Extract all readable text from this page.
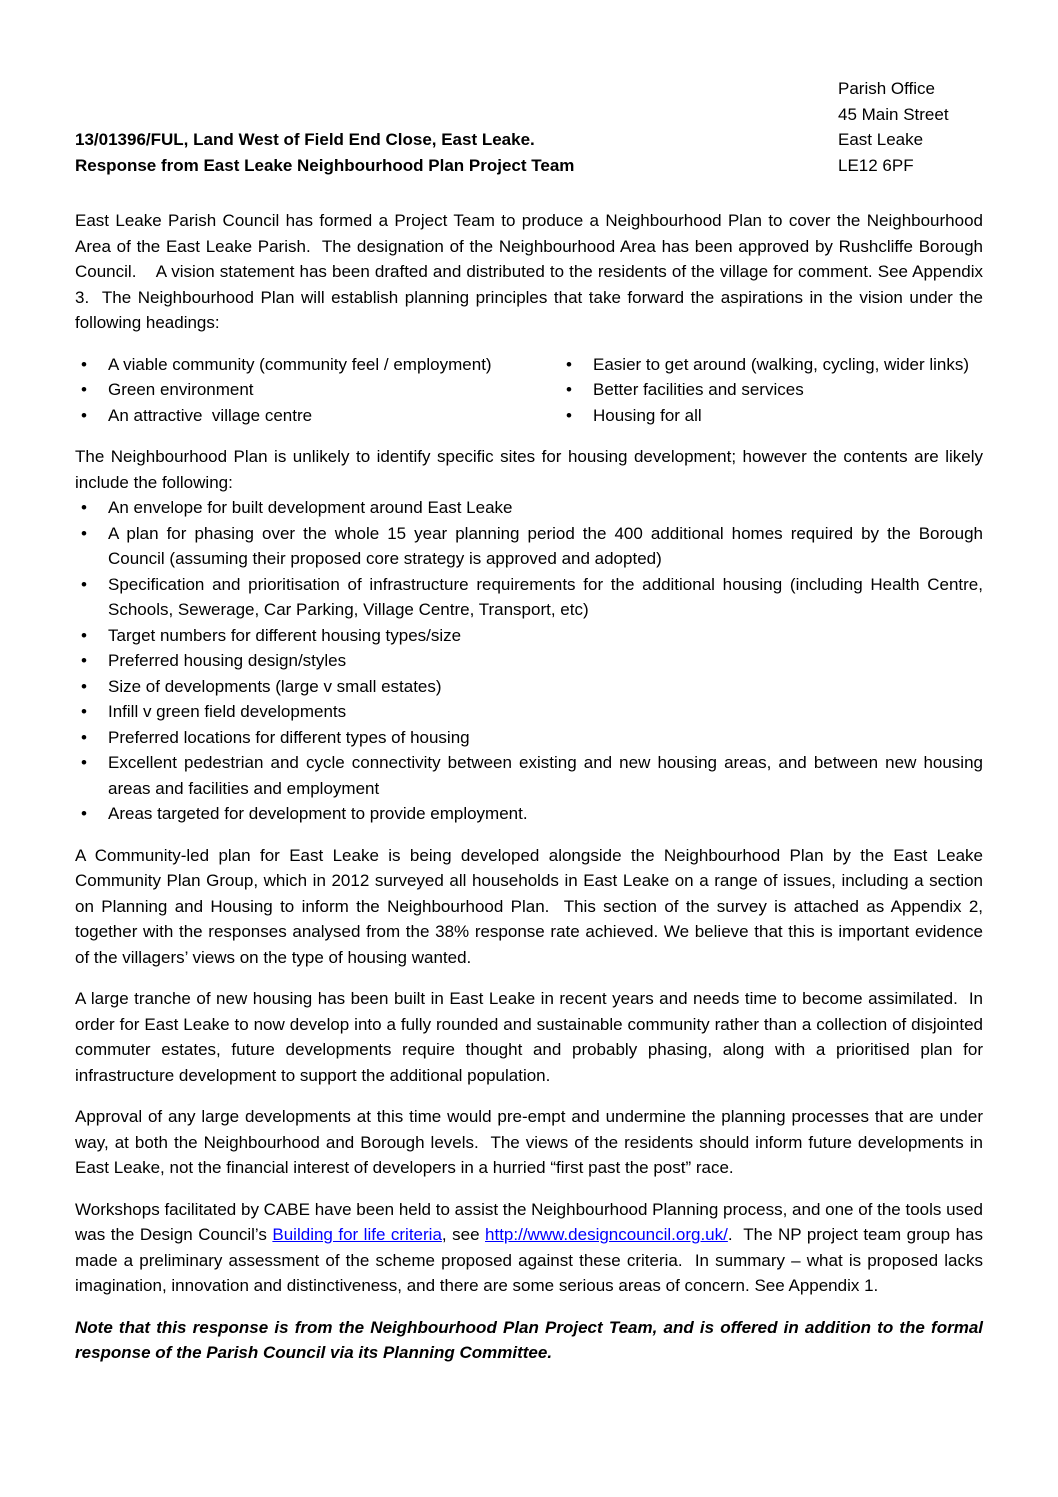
13/01396/FUL, Land West of Field End Close, East Leake.
Response from East Leake Neighbourhood Plan Project Team
Parish Office
45 Main Street
East Leake
LE12 6PF

East Leake Parish Council has formed a Project Team to produce a Neighbourhood Plan to cover the Neighbourhood Area of the East Leake Parish.  The designation of the Neighbourhood Area has been approved by Rushcliffe Borough Council.    A vision statement has been drafted and distributed to the residents of the village for comment. See Appendix 3.  The Neighbourhood Plan will establish planning principles that take forward the aspirations in the vision under the following headings:

• A viable community (community feel / employment)
• Green environment
• An attractive  village centre
• Easier to get around (walking, cycling, wider links)
• Better facilities and services
• Housing for all

The Neighbourhood Plan is unlikely to identify specific sites for housing development; however the contents are likely include the following:

• An envelope for built development around East Leake
• A plan for phasing over the whole 15 year planning period the 400 additional homes required by the Borough Council (assuming their proposed core strategy is approved and adopted)
• Specification and prioritisation of infrastructure requirements for the additional housing (including Health Centre, Schools, Sewerage, Car Parking, Village Centre, Transport, etc)
• Target numbers for different housing types/size
• Preferred housing design/styles
• Size of developments (large v small estates)
• Infill v green field developments
• Preferred locations for different types of housing
• Excellent pedestrian and cycle connectivity between existing and new housing areas, and between new housing areas and facilities and employment
• Areas targeted for development to provide employment.

A Community-led plan for East Leake is being developed alongside the Neighbourhood Plan by the East Leake Community Plan Group, which in 2012 surveyed all households in East Leake on a range of issues, including a section on Planning and Housing to inform the Neighbourhood Plan.  This section of the survey is attached as Appendix 2, together with the responses analysed from the 38% response rate achieved. We believe that this is important evidence of the villagers’ views on the type of housing wanted.

A large tranche of new housing has been built in East Leake in recent years and needs time to become assimilated.  In order for East Leake to now develop into a fully rounded and sustainable community rather than a collection of disjointed commuter estates, future developments require thought and probably phasing, along with a prioritised plan for infrastructure development to support the additional population.

Approval of any large developments at this time would pre-empt and undermine the planning processes that are under way, at both the Neighbourhood and Borough levels.  The views of the residents should inform future developments in East Leake, not the financial interest of developers in a hurried “first past the post” race.

Workshops facilitated by CABE have been held to assist the Neighbourhood Planning process, and one of the tools used was the Design Council’s Building for life criteria, see http://www.designcouncil.org.uk/.  The NP project team group has made a preliminary assessment of the scheme proposed against these criteria.  In summary – what is proposed lacks imagination, innovation and distinctiveness, and there are some serious areas of concern. See Appendix 1.

Note that this response is from the Neighbourhood Plan Project Team, and is offered in addition to the formal response of the Parish Council via its Planning Committee.
